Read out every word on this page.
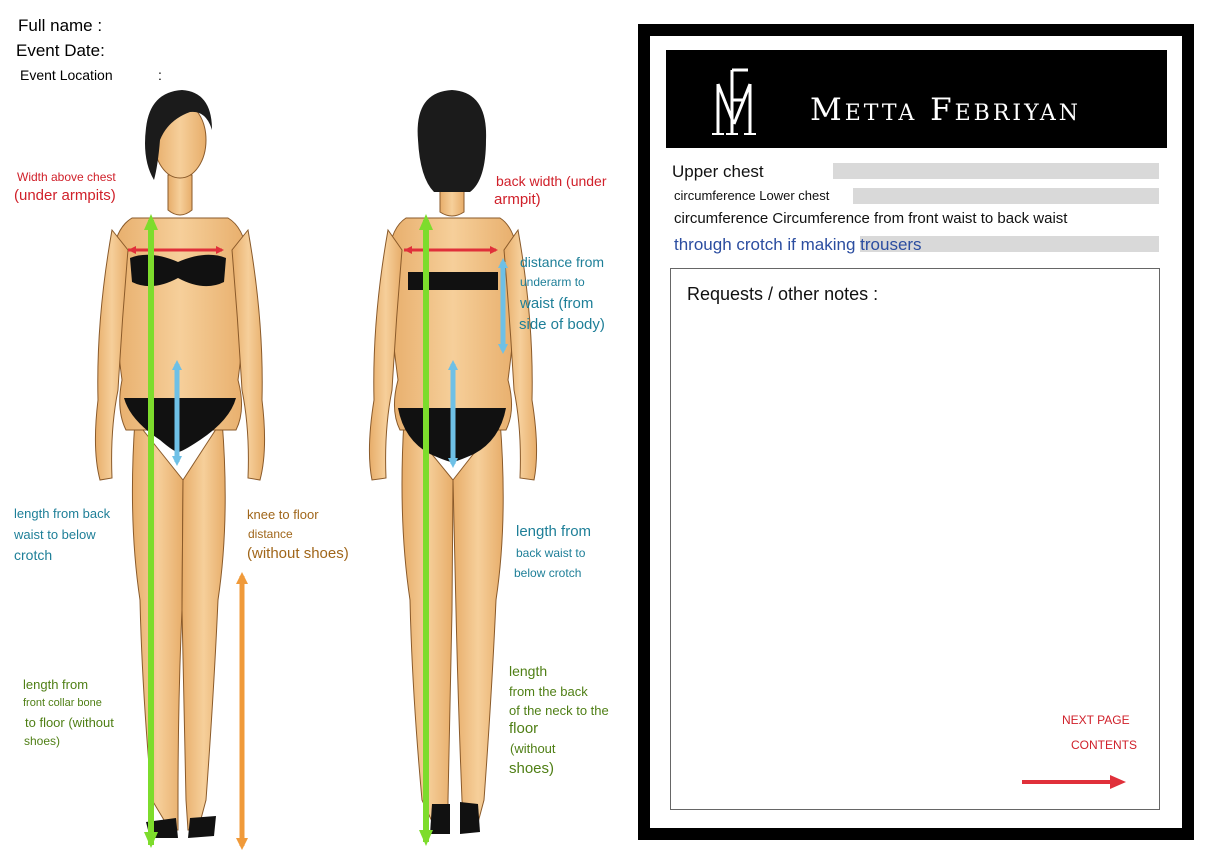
Full name :
Event Date:
Event Location	:
Width above chest
(under armpits)
length from back
waist to below
crotch
knee to floor
distance
(without shoes)
length from
front collar bone
to floor (without
shoes)
back width (under
armpit)
distance from
underarm to
waist (from
side of body)
length from
back waist to
below crotch
length
from the back
of the neck to the
floor
(without
shoes)
Metta Febriyan
Upper chest
circumference Lower chest
circumference Circumference from front waist to back waist
through crotch if making trousers
Requests / other notes :
NEXT PAGE
CONTENTS
